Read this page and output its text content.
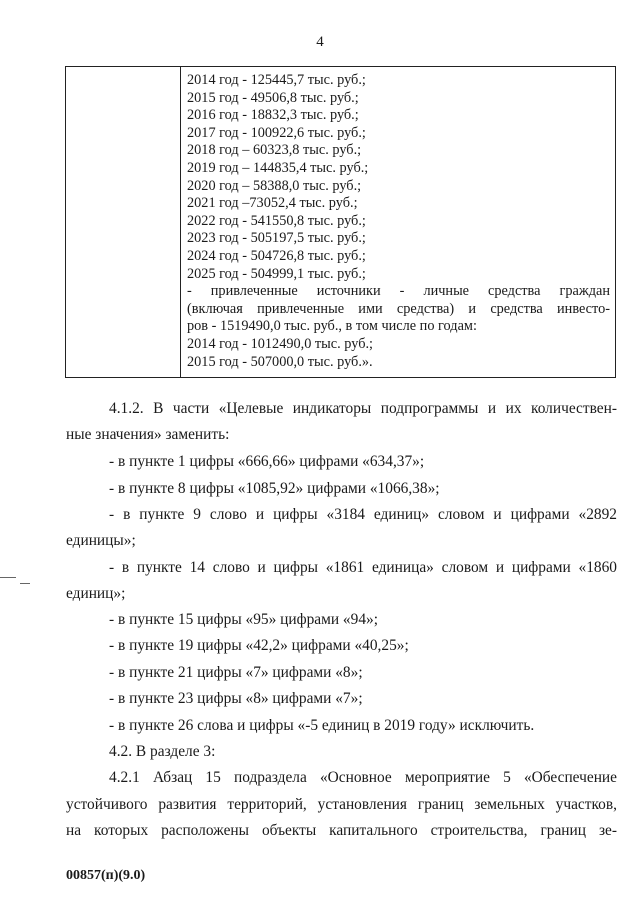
4
2014 год - 125445,7 тыс. руб.;
2015 год - 49506,8 тыс. руб.;
2016 год - 18832,3 тыс. руб.;
2017 год - 100922,6 тыс. руб.;
2018 год – 60323,8 тыс. руб.;
2019 год – 144835,4 тыс. руб.;
2020 год – 58388,0 тыс. руб.;
2021 год –73052,4 тыс. руб.;
2022 год - 541550,8 тыс. руб.;
2023 год - 505197,5 тыс. руб.;
2024 год - 504726,8 тыс. руб.;
2025 год - 504999,1 тыс. руб.;
- привлеченные источники - личные средства граждан
(включая привлеченные ими средства) и средства инвесто-
ров - 1519490,0 тыс. руб., в том числе по годам:
2014 год - 1012490,0 тыс. руб.;
2015 год - 507000,0 тыс. руб.».
4.1.2. В части «Целевые индикаторы подпрограммы и их количествен-
ные значения» заменить:
- в пункте 1 цифры «666,66» цифрами «634,37»;
- в пункте 8 цифры «1085,92» цифрами «1066,38»;
- в пункте 9 слово и цифры «3184 единиц» словом и цифрами «2892
единицы»;
- в пункте 14 слово и цифры «1861 единица» словом и цифрами «1860
единиц»;
- в пункте 15 цифры «95» цифрами «94»;
- в пункте 19 цифры «42,2» цифрами «40,25»;
- в пункте 21 цифры «7» цифрами «8»;
- в пункте 23 цифры «8» цифрами «7»;
- в пункте 26 слова и цифры «-5 единиц в 2019 году» исключить.
4.2. В разделе 3:
4.2.1 Абзац 15 подраздела «Основное мероприятие 5 «Обеспечение
устойчивого развития территорий, установления границ земельных участков,
на которых расположены объекты капитального строительства, границ зе-
00857(п)(9.0)
